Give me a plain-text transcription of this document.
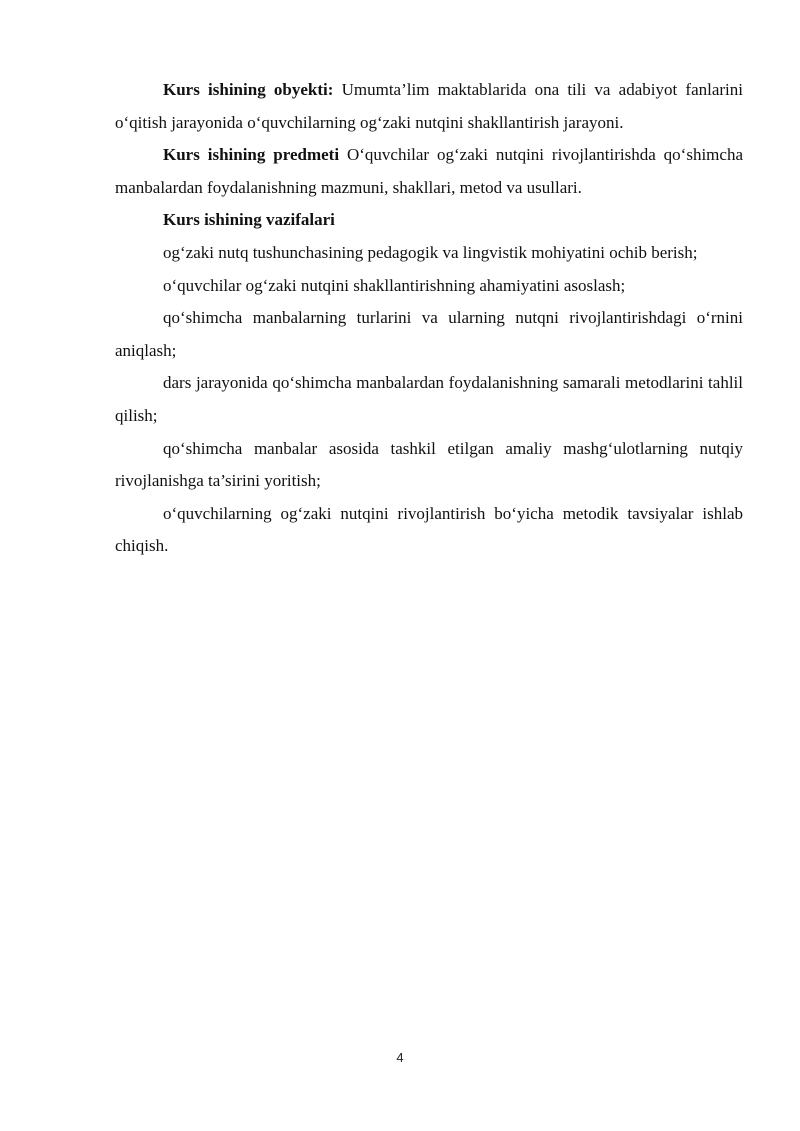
Kurs ishining obyekti: Umumta’lim maktablarida ona tili va adabiyot fanlarini o‘qitish jarayonida o‘quvchilarning og‘zaki nutqini shakllantirish jarayoni.

Kurs ishining predmeti O‘quvchilar og‘zaki nutqini rivojlantirishda qo‘shimcha manbalardan foydalanishning mazmuni, shakllari, metod va usullari.

Kurs ishining vazifalari

og‘zaki nutq tushunchasining pedagogik va lingvistik mohiyatini ochib berish;

o‘quvchilar og‘zaki nutqini shakllantirishning ahamiyatini asoslash;

qo‘shimcha manbalarning turlarini va ularning nutqni rivojlantirishdagi o‘rnini aniqlash;

dars jarayonida qo‘shimcha manbalardan foydalanishning samarali metodlarini tahlil qilish;

qo‘shimcha manbalar asosida tashkil etilgan amaliy mashg‘ulotlarning nutqiy rivojlanishga ta’sirini yoritish;

o‘quvchilarning og‘zaki nutqini rivojlantirish bo‘yicha metodik tavsiyalar ishlab chiqish.

4
